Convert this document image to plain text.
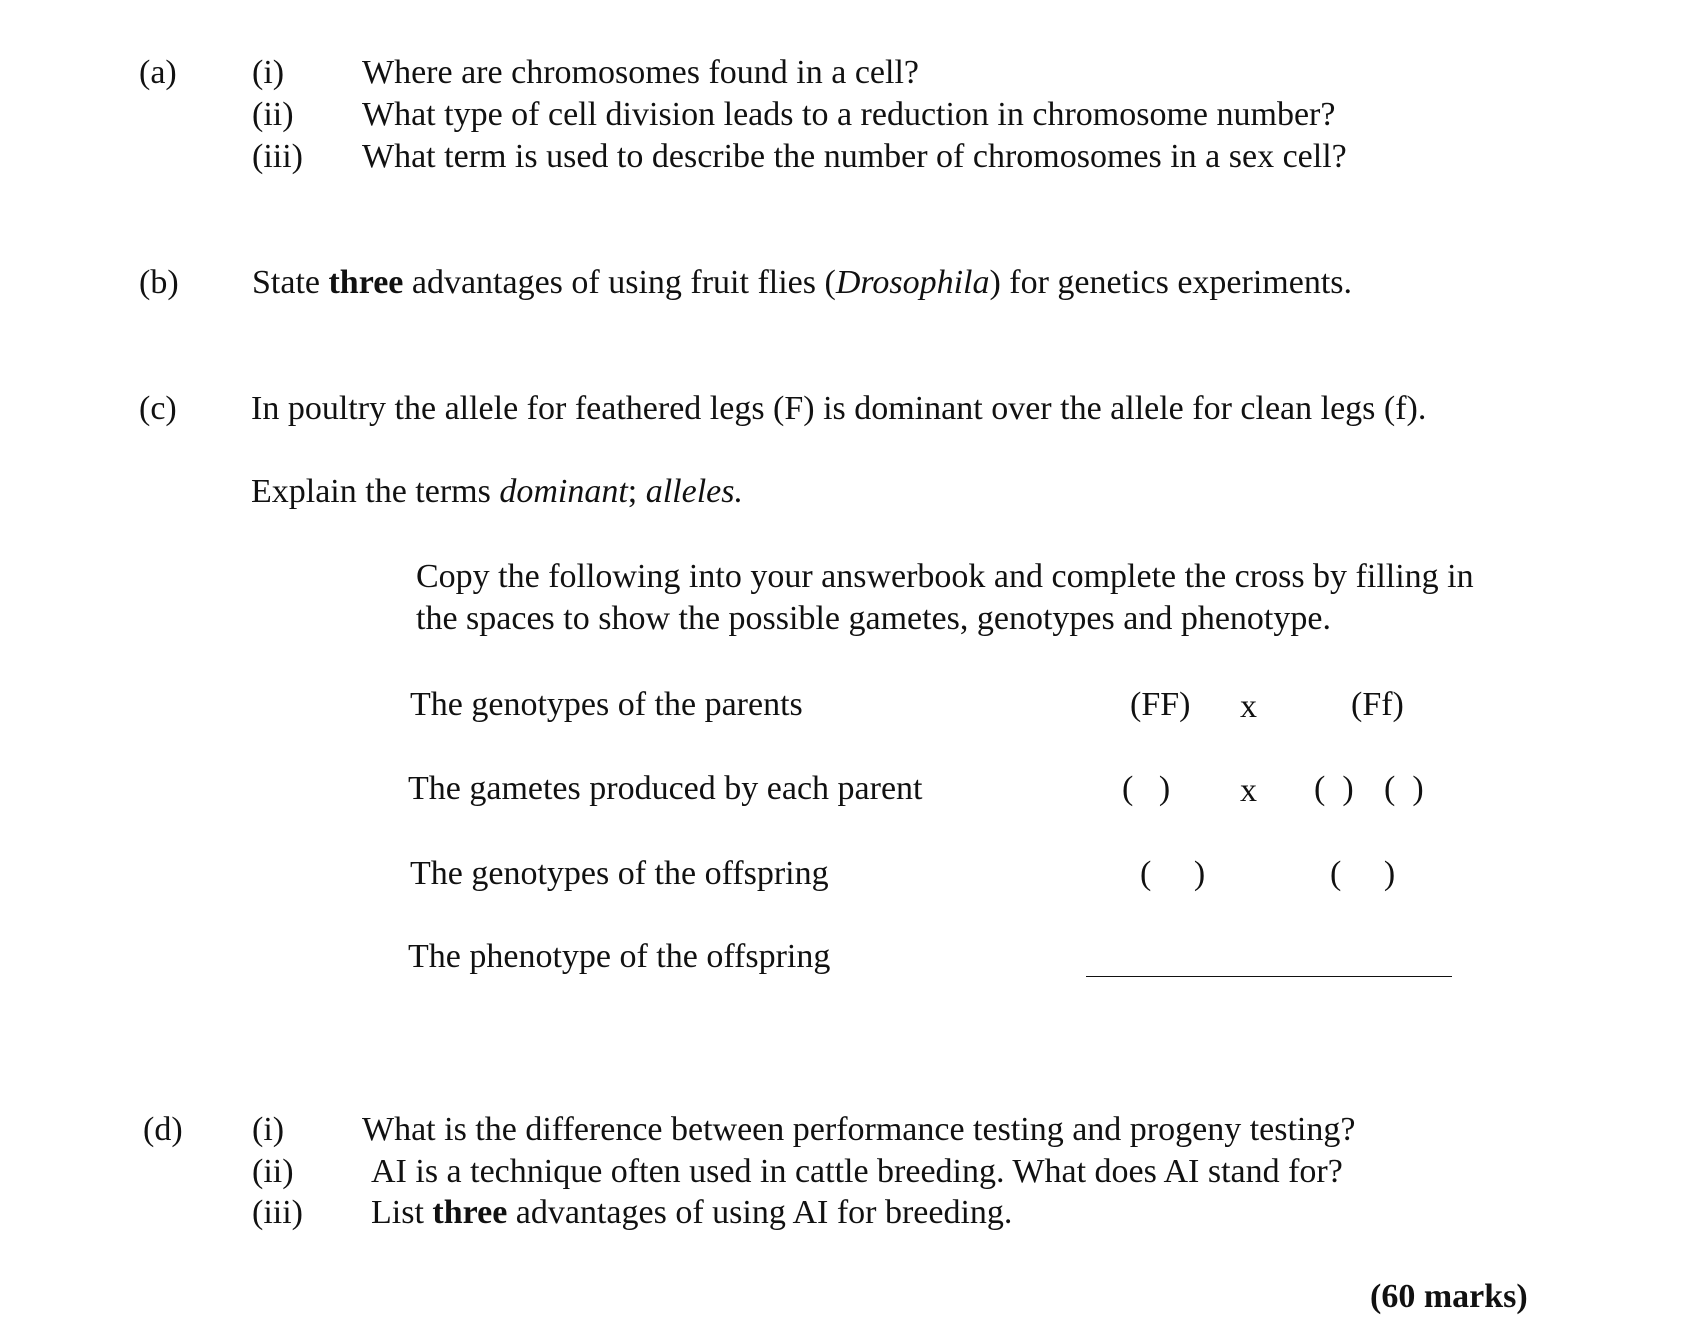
(a) (i) Where are chromosomes found in a cell?
(ii) What type of cell division leads to a reduction in chromosome number?
(iii) What term is used to describe the number of chromosomes in a sex cell?
(b) State three advantages of using fruit flies (Drosophila) for genetics experiments.
(c) In poultry the allele for feathered legs (F) is dominant over the allele for clean legs (f).
Explain the terms dominant; alleles.
Copy the following into your answerbook and complete the cross by filling in
the spaces to show the possible gametes, genotypes and phenotype.
The genotypes of the parents	(FF) x	(Ff)
The gametes produced by each parent	(   ) x (  ) (  )
The genotypes of the offspring	(     )	(     )
The phenotype of the offspring
(d) (i) What is the difference between performance testing and progeny testing?
(ii) AI is a technique often used in cattle breeding. What does AI stand for?
(iii) List three advantages of using AI for breeding.
(60 marks)
